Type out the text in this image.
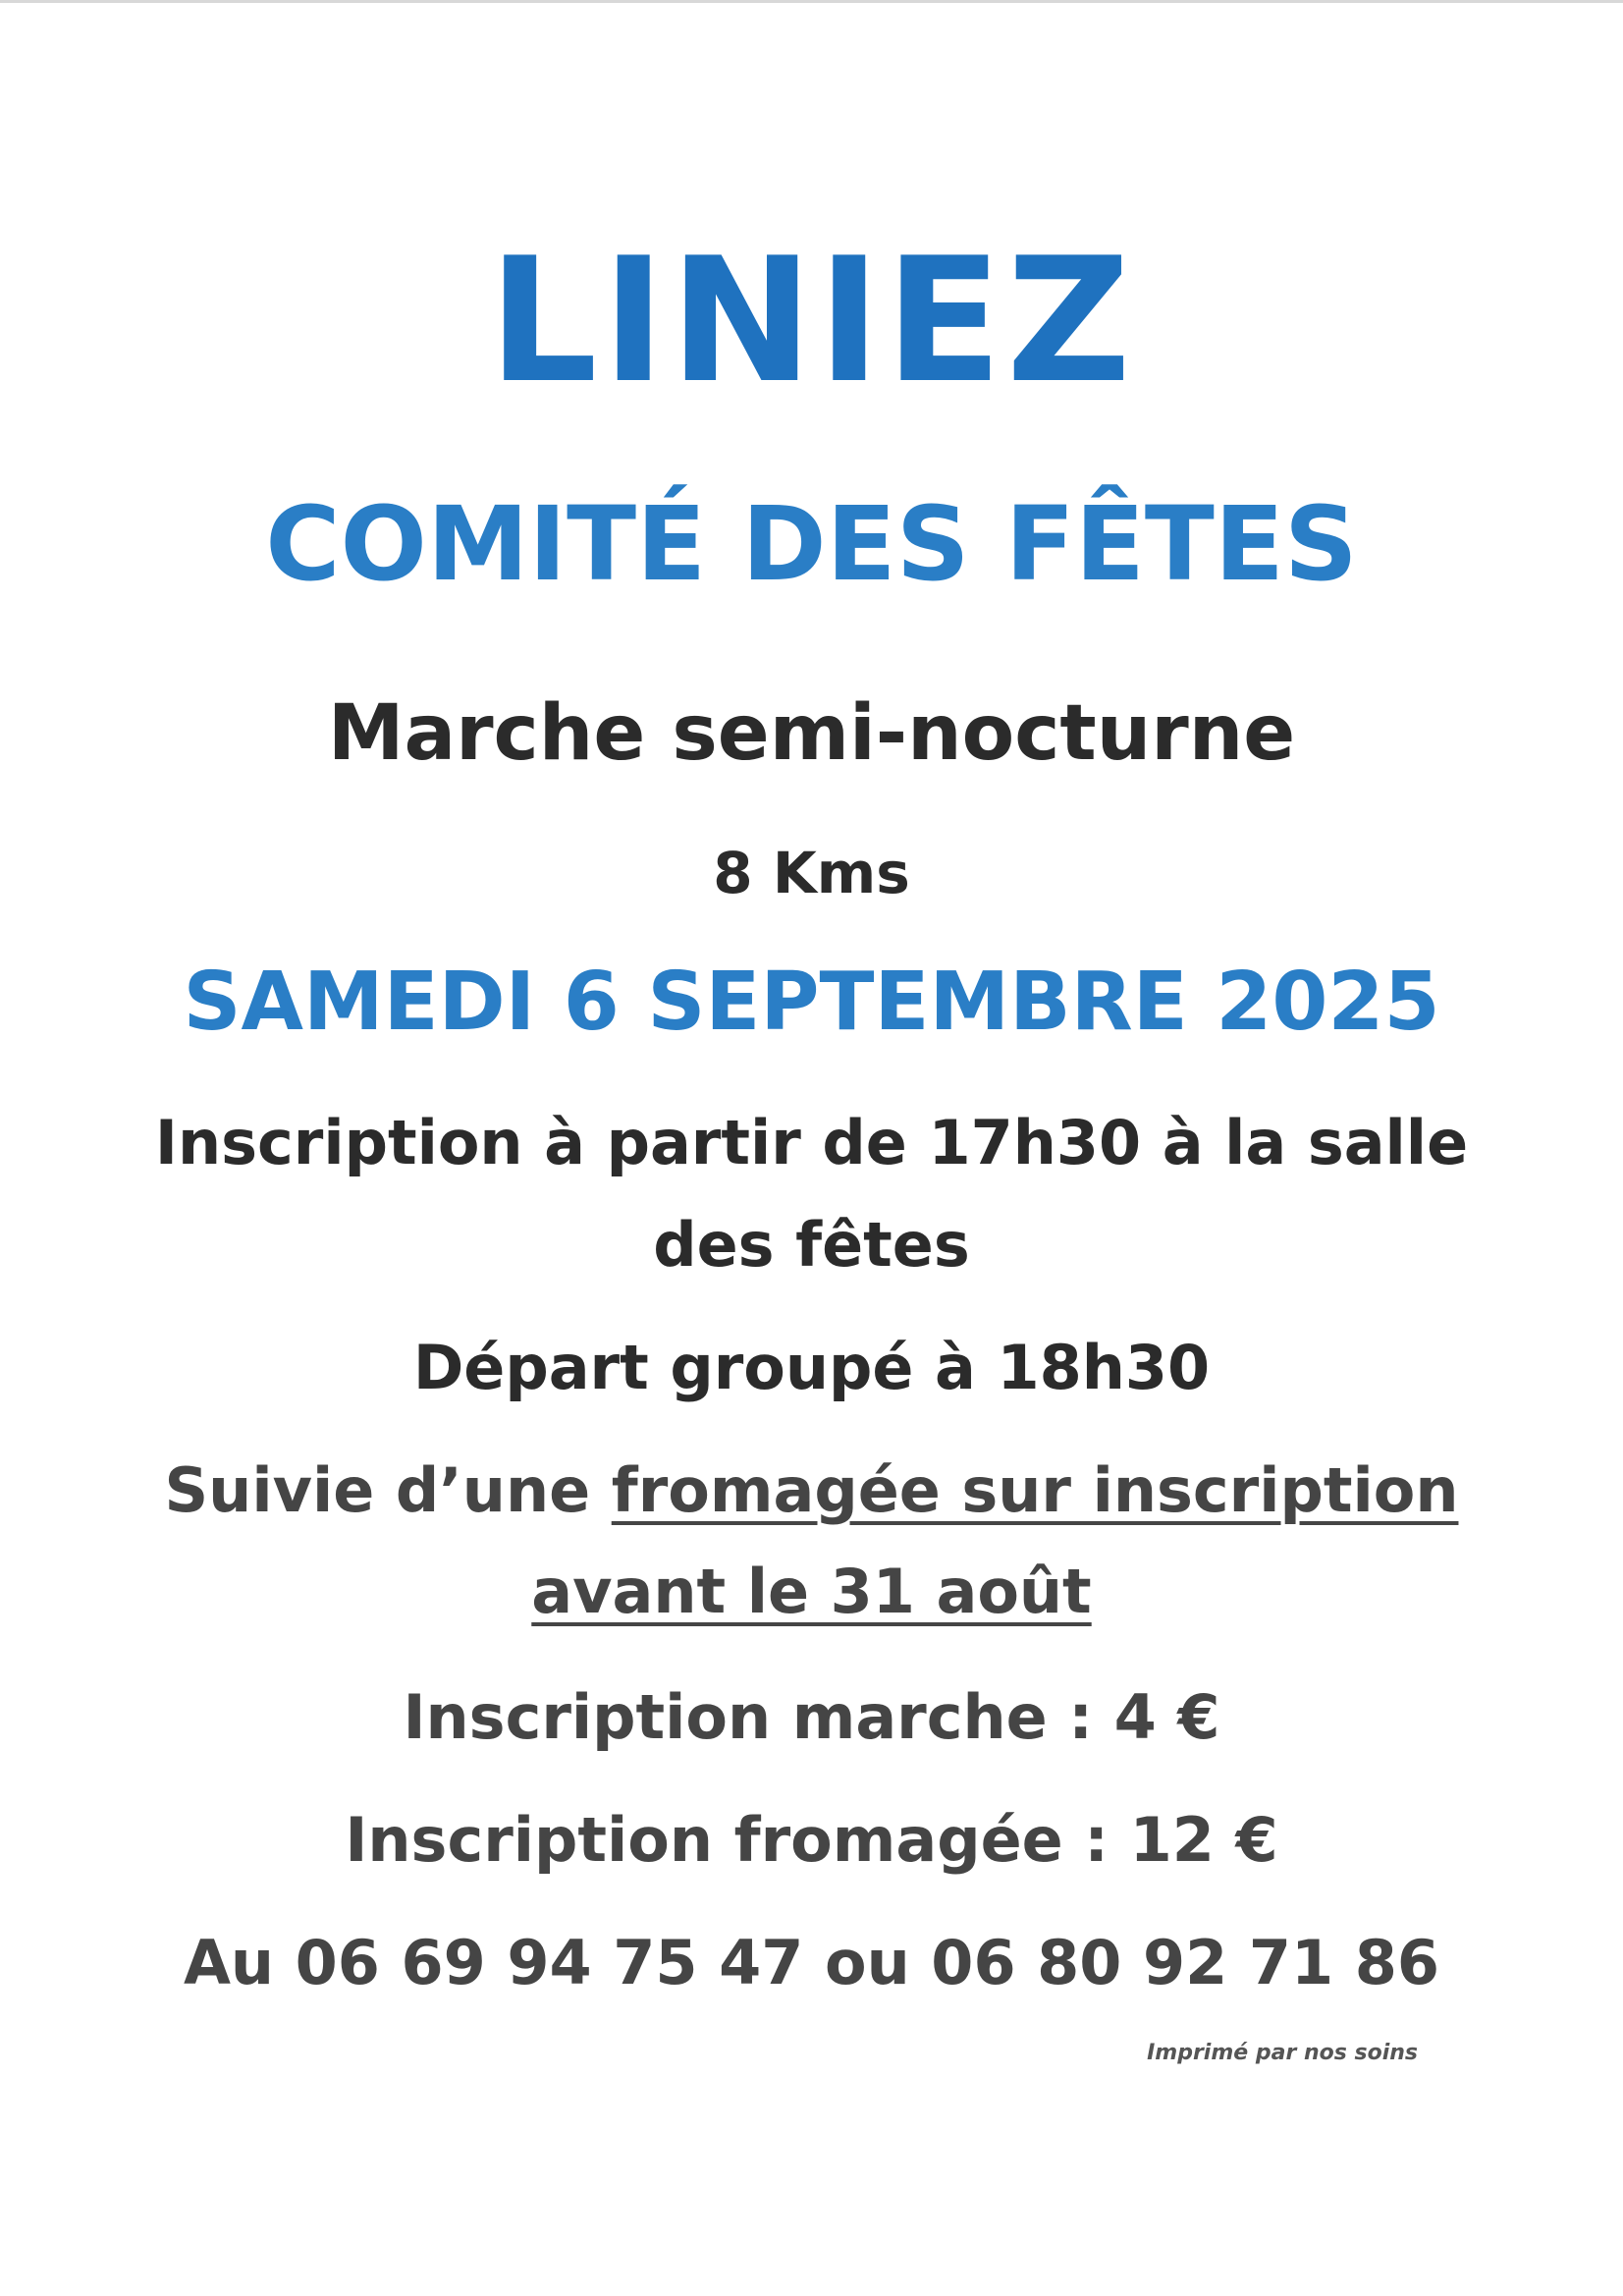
LINIEZ
COMITÉ DES FÊTES

Marche semi-nocturne

8 Kms

SAMEDI 6 SEPTEMBRE 2025

Inscription à partir de 17h30 à la salle

des fêtes

Départ groupé à 18h30

Suivie d’une fromagée sur inscription

avant le 31 août

Inscription marche : 4 €

Inscription fromagée : 12 €

Au 06 69 94 75 47 ou 06 80 92 71 86

Imprimé par nos soins
